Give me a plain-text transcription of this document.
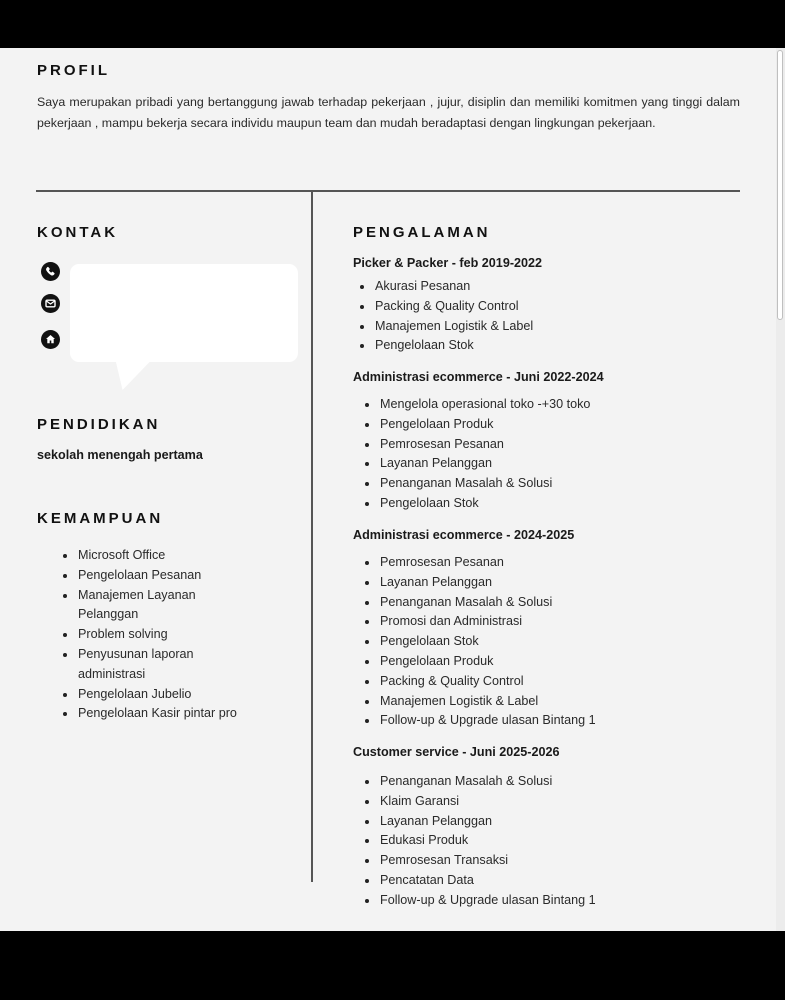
PROFIL

Saya merupakan pribadi yang bertanggung jawab terhadap pekerjaan , jujur, disiplin dan memiliki komitmen yang tinggi dalam pekerjaan , mampu bekerja secara individu maupun team dan mudah beradaptasi dengan lingkungan pekerjaan.

KONTAK
PENDIDIKAN
sekolah menengah pertama
KEMAMPUAN
Microsoft Office
Pengelolaan Pesanan
Manajemen Layanan Pelanggan
Problem solving
Penyusunan laporan administrasi
Pengelolaan Jubelio
Pengelolaan Kasir pintar pro
PENGALAMAN
Picker & Packer - feb 2019-2022
Akurasi Pesanan
Packing & Quality Control
Manajemen Logistik & Label
Pengelolaan Stok
Administrasi ecommerce - Juni 2022-2024
Mengelola operasional toko -+30 toko
Pengelolaan Produk
Pemrosesan Pesanan
Layanan Pelanggan
Penanganan Masalah & Solusi
Pengelolaan Stok
Administrasi ecommerce - 2024-2025
Pemrosesan Pesanan
Layanan Pelanggan
Penanganan Masalah & Solusi
Promosi dan Administrasi
Pengelolaan Stok
Pengelolaan Produk
Packing & Quality Control
Manajemen Logistik & Label
Follow-up & Upgrade ulasan Bintang 1
Customer service - Juni 2025-2026
Penanganan Masalah & Solusi
Klaim Garansi
Layanan Pelanggan
Edukasi Produk
Pemrosesan Transaksi
Pencatatan Data
Follow-up & Upgrade ulasan Bintang 1
